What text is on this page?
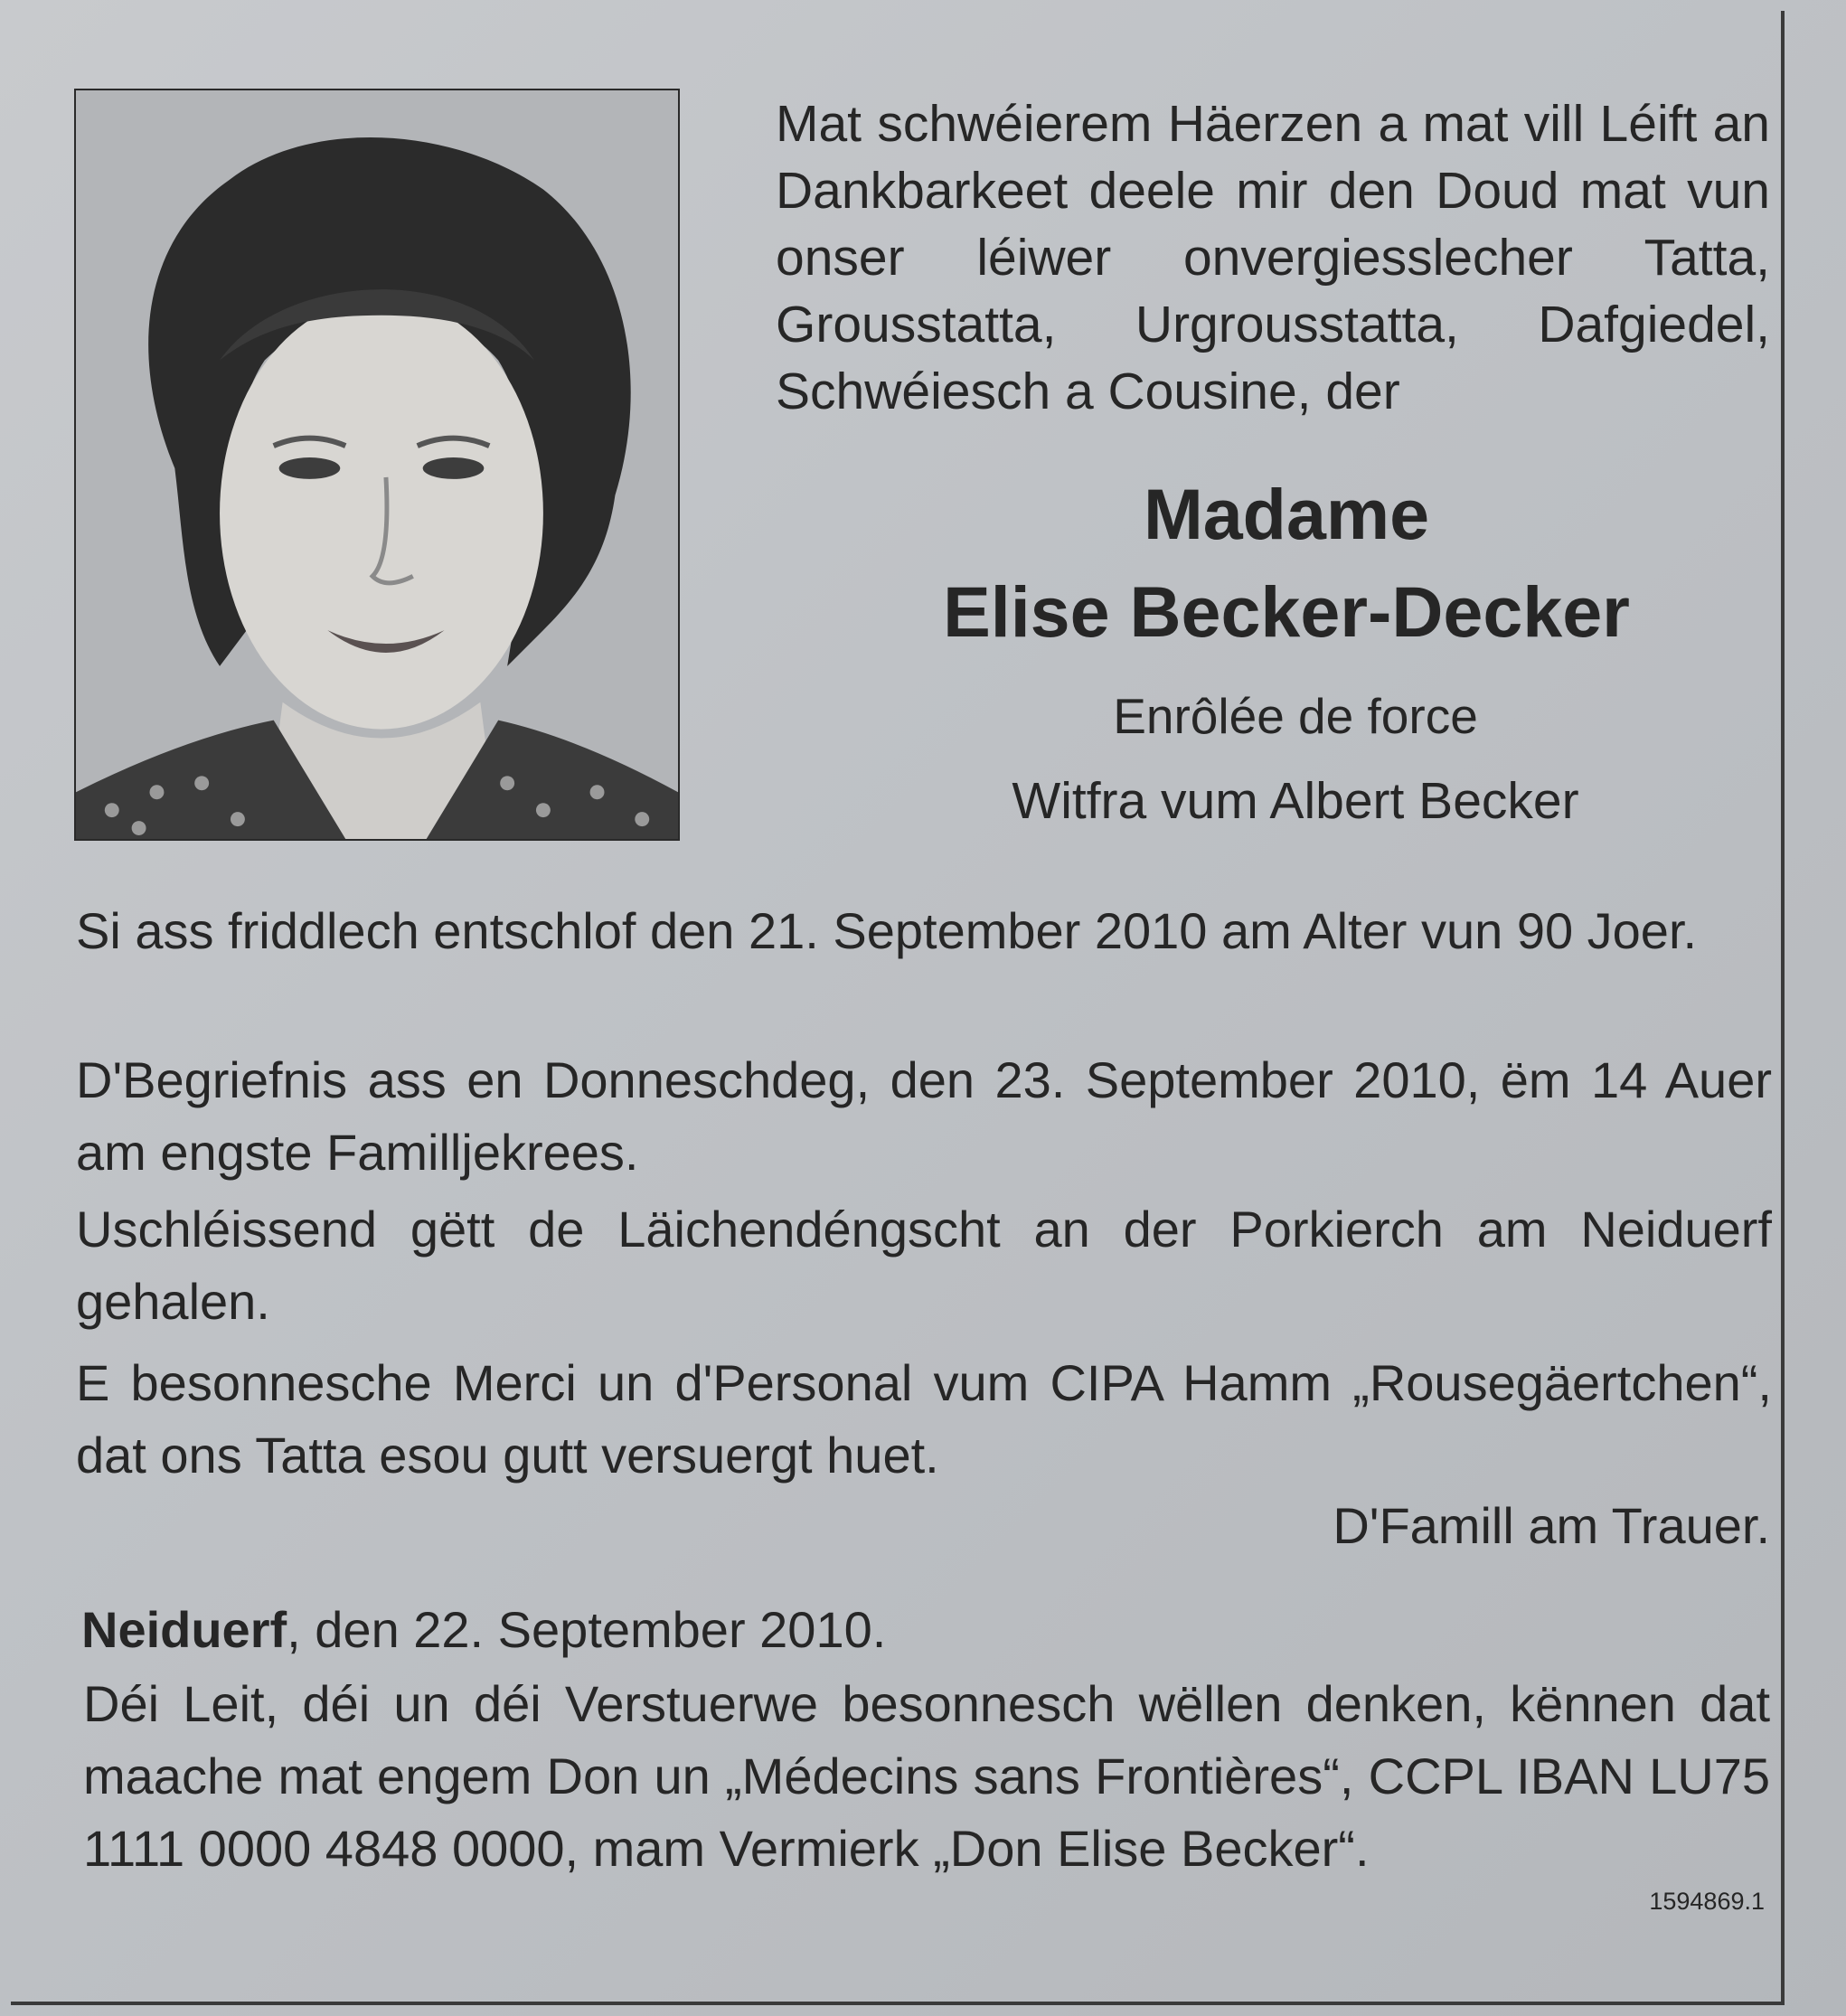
Mat schwéierem Häerzen a mat vill Léift an Dankbarkeet deele mir den Doud mat vun onser léiwer onvergiesslecher Tatta, Grousstatta, Urgrousstatta, Dafgiedel, Schwéiesch a Cousine, der

Madame
Elise Becker-Decker

Enrôlée de force

Witfra vum Albert Becker

Si ass friddlech entschlof den 21. September 2010 am Alter vun 90 Joer.

D'Begriefnis ass en Donneschdeg, den 23. September 2010, ëm 14 Auer am engste Familljekrees.

Uschléissend gëtt de Läichendéngscht an der Porkierch am Neiduerf gehalen.

E besonnesche Merci un d'Personal vum CIPA Hamm „Rousegäertchen“, dat ons Tatta esou gutt versuergt huet.

D'Famill am Trauer.

Neiduerf, den 22. September 2010.

Déi Leit, déi un déi Verstuerwe besonnesch wëllen denken, kënnen dat maache mat engem Don un „Médecins sans Frontières“, CCPL IBAN LU75 1111 0000 4848 0000, mam Vermierk „Don Elise Becker“.

1594869.1
